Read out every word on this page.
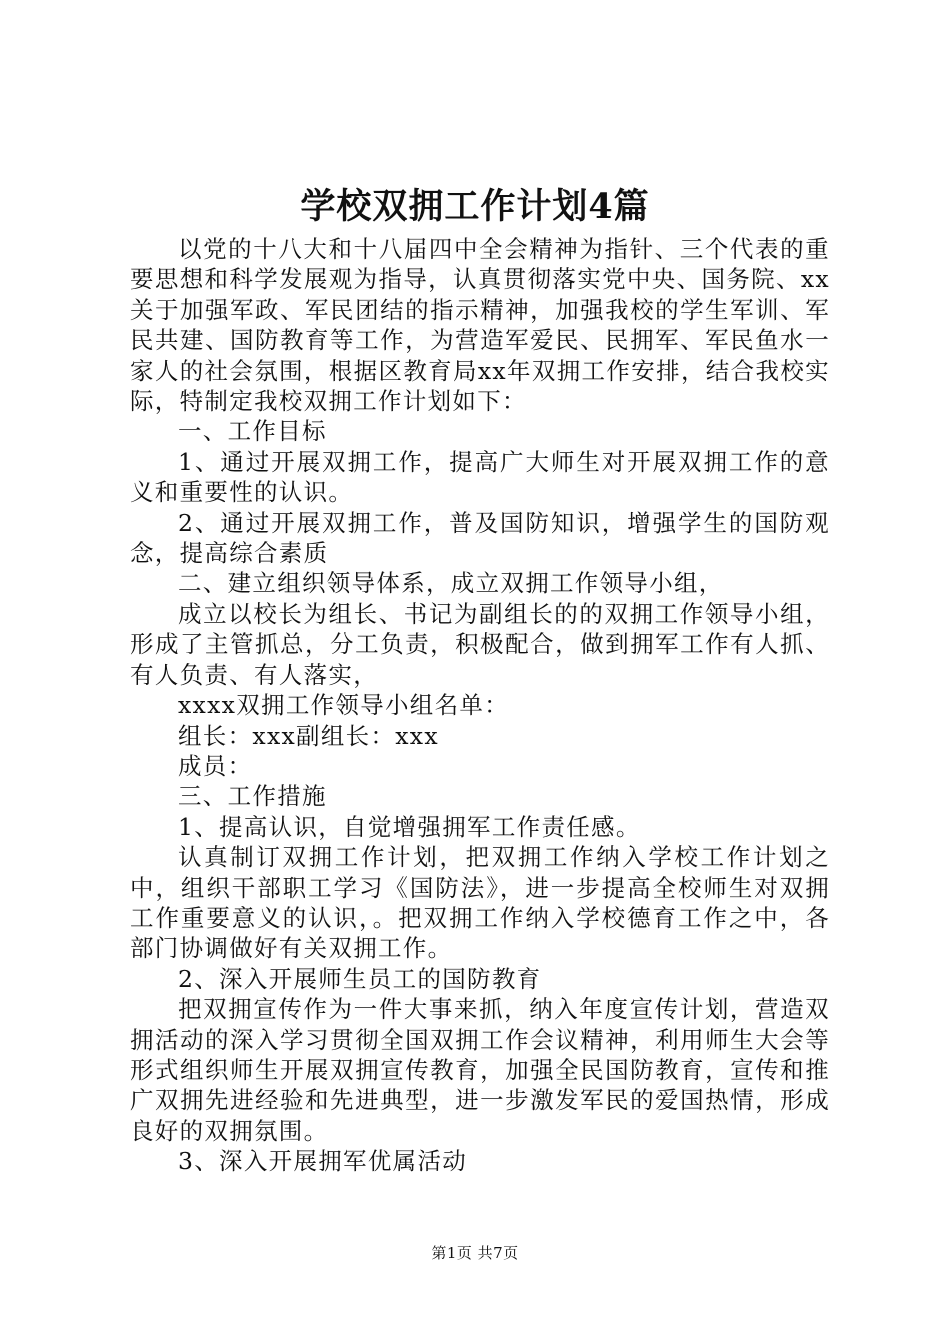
学校双拥工作计划4篇

以党的十八大和十八届四中全会精神为指针、三个代表的重要思想和科学发展观为指导，认真贯彻落实党中央、国务院、xx关于加强军政、军民团结的指示精神，加强我校的学生军训、军民共建、国防教育等工作，为营造军爱民、民拥军、军民鱼水一家人的社会氛围，根据区教育局xx年双拥工作安排，结合我校实际，特制定我校双拥工作计划如下：

一、工作目标

1、通过开展双拥工作，提高广大师生对开展双拥工作的意义和重要性的认识。

2、通过开展双拥工作，普及国防知识，增强学生的国防观念，提高综合素质

二、建立组织领导体系，成立双拥工作领导小组，

成立以校长为组长、书记为副组长的的双拥工作领导小组，形成了主管抓总，分工负责，积极配合，做到拥军工作有人抓、有人负责、有人落实，

xxxx双拥工作领导小组名单：

组长：xxx副组长：xxx

成员：

三、工作措施

1、提高认识，自觉增强拥军工作责任感。

认真制订双拥工作计划，把双拥工作纳入学校工作计划之中，组织干部职工学习《国防法》，进一步提高全校师生对双拥工作重要意义的认识，。把双拥工作纳入学校德育工作之中，各部门协调做好有关双拥工作。

2、深入开展师生员工的国防教育

把双拥宣传作为一件大事来抓，纳入年度宣传计划，营造双拥活动的深入学习贯彻全国双拥工作会议精神，利用师生大会等形式组织师生开展双拥宣传教育，加强全民国防教育，宣传和推广双拥先进经验和先进典型，进一步激发军民的爱国热情，形成良好的双拥氛围。

3、深入开展拥军优属活动

第1页 共7页
